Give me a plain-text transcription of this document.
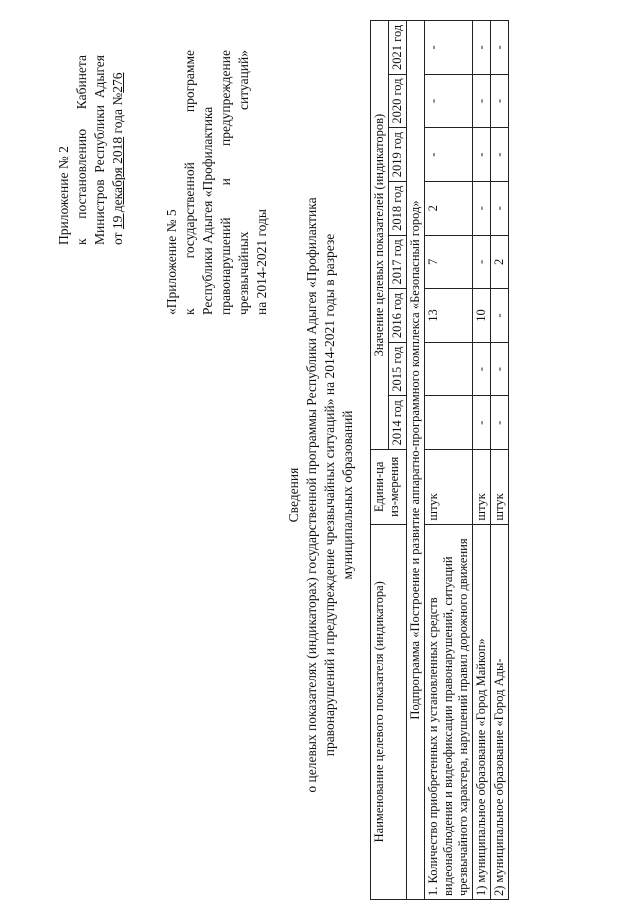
Приложение № 2 к
постановлению
Кабинета
Министров
Республики
Адыгея
от 19 декабря 2018 года №276
«Приложение № 5 к
государственной
программе
Республики Адыгея «Профилактика правонарушений
и
предупреждение
чрезвычайных
ситуаций»
на 2014-2021 годы
Сведения о целевых показателях (индикаторах) государственной программы Республики Адыгея «Профилактика правонарушений и предупреждение чрезвычайных ситуаций» на 2014-2021 годы в разрезе муниципальных образований
Наименование целевого показателя (индикатора)	Едини-ца из-мерения	Значение целевых показателей (индикаторов)							
		2014 год	2015 год	2016 год	2017 год	2018 год	2019 год	2020 год	2021 год
Подпрограмма «Построение и развитие аппаратно-программного комплекса «Безопасный город»									
1. Количество приобретенных и установленных средств видеонаблюдения и видеофиксации правонарушений, ситуаций чрезвычайного характера, нарушений правил дорожного движения	штук			13	7	2	-	-	-
1) муниципальное образование «Город Майкоп»	штук	-	-	10	-	-	-	-	-
2) муниципальное образование «Город Ады-	штук	-	-	-	2	-	-	-	-
